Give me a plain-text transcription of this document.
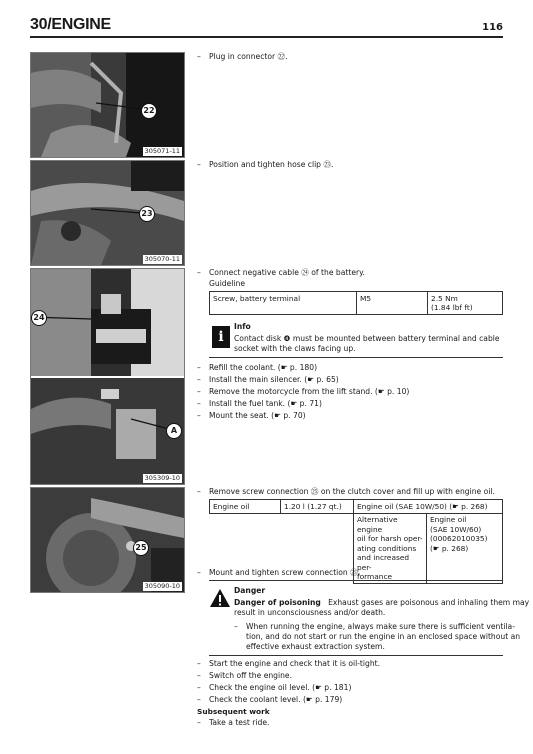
30/ENGINE	116
22
305071-11
23
305070-11
24
A
305309-10
25
305090-10
– Plug in connector ㉒.
– Position and tighten hose clip ㉓.
– Connect negative cable ㉔ of the battery.
Guideline
Screw, battery terminal	M5	2.5 Nm
(1.84 lbf ft)
i
Info
Contact disk ❹ must be mounted between battery terminal and cable
socket with the claws facing up.
– Refill the coolant. (☛ p. 180)
– Install the main silencer. (☛ p. 65)
– Remove the motorcycle from the lift stand. (☛ p. 10)
– Install the fuel tank. (☛ p. 71)
– Mount the seat. (☛ p. 70)
– Remove screw connection ㉕ on the clutch cover and fill up with engine oil.
Engine oil	1.20 l (1.27 qt.)	Engine oil (SAE 10W/50) (☛ p. 268)	
		Alternative engine
oil for harsh oper-
ating conditions
and increased per-
formance	Engine oil
(SAE 10W/60)
(00062010035)
(☛ p. 268)
– Mount and tighten screw connection ㉕.
Danger
Danger of poisoning Exhaust gases are poisonous and inhaling them may
result in unconsciousness and/or death.
– When running the engine, always make sure there is sufficient ventila-
tion, and do not start or run the engine in an enclosed space without an
effective exhaust extraction system.
– Start the engine and check that it is oil-tight.
– Switch off the engine.
– Check the engine oil level. (☛ p. 181)
– Check the coolant level. (☛ p. 179)
Subsequent work
– Take a test ride.
